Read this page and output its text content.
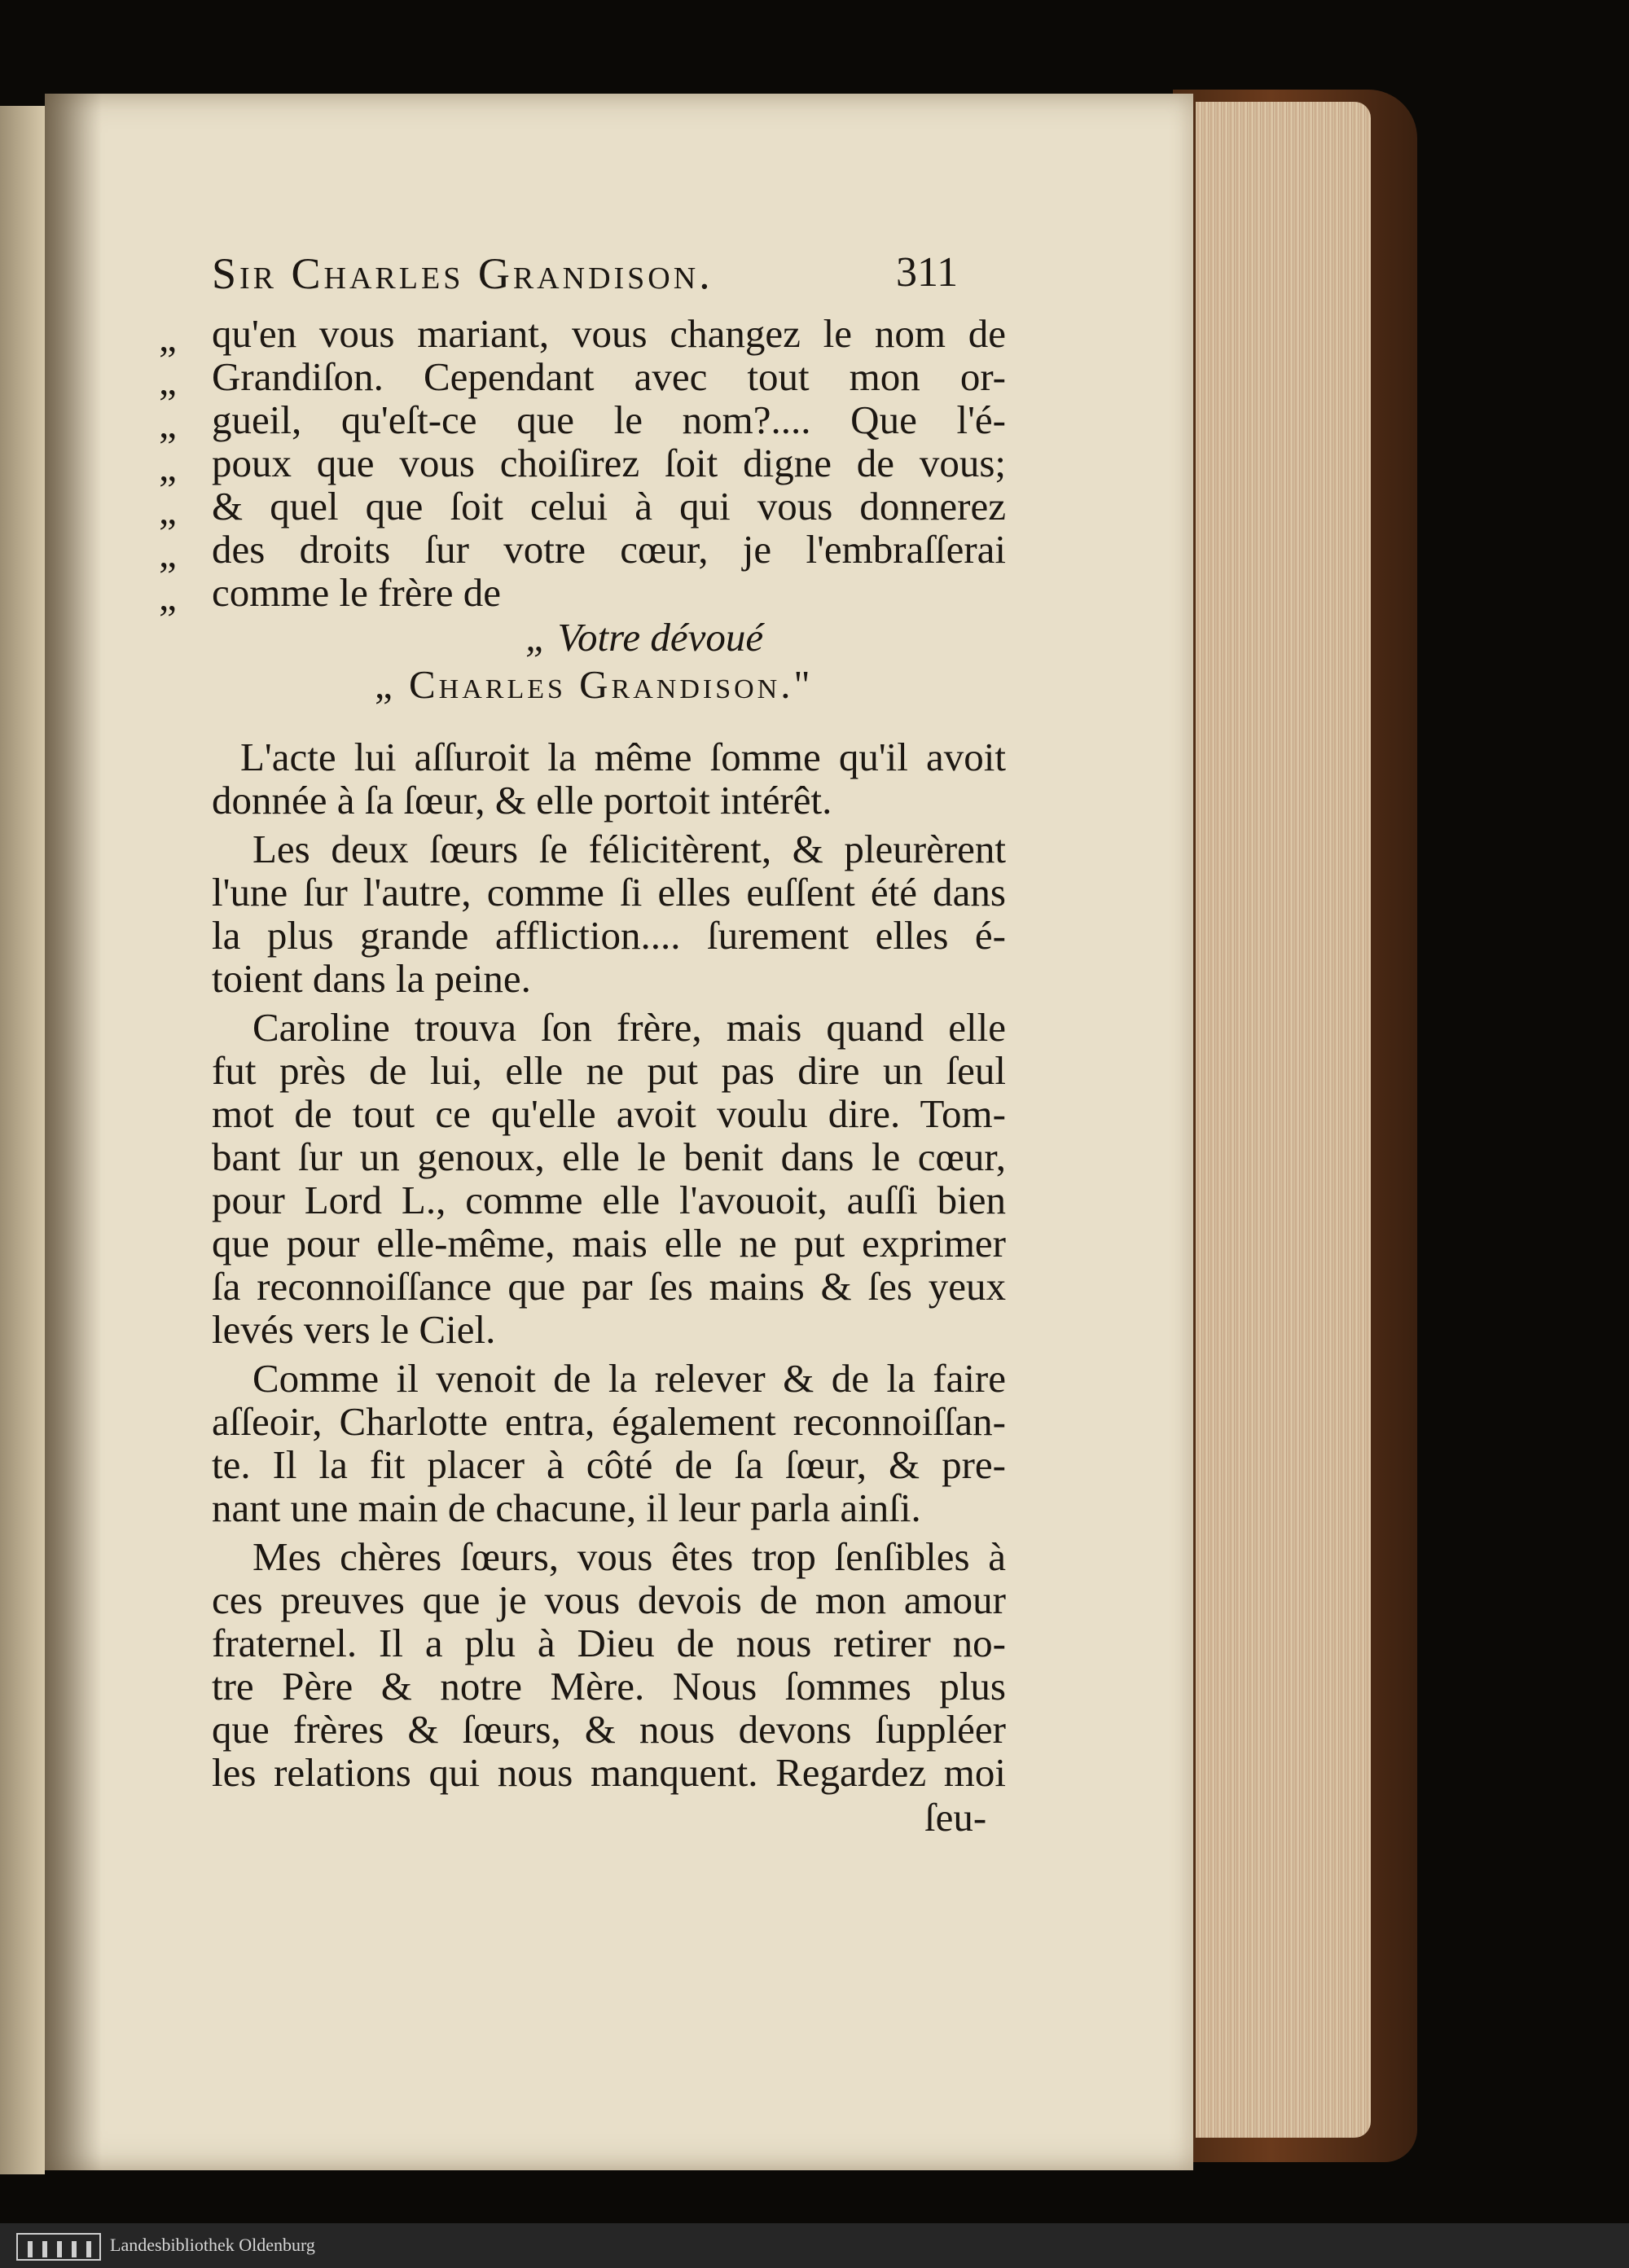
Sir Charles Grandison.	311
„ qu'en vous mariant, vous changez le nom de
„ Grandiſon. Cependant avec tout mon or-
„ gueil, qu'eſt-ce que le nom?.... Que l'é-
„ poux que vous choiſirez ſoit digne de vous;
„ & quel que ſoit celui à qui vous donnerez
„ des droits ſur votre cœur, je l'embraſſerai
„ comme le frère de
„ Votre dévoué
„ Charles Grandison."
L'acte lui aſſuroit la même ſomme qu'il avoit
donnée à ſa ſœur, & elle portoit intérêt.
Les deux ſœurs ſe félicitèrent, & pleurèrent
l'une ſur l'autre, comme ſi elles euſſent été dans
la plus grande affliction.... ſurement elles é-
toient dans la peine.
Caroline trouva ſon frère, mais quand elle
fut près de lui, elle ne put pas dire un ſeul
mot de tout ce qu'elle avoit voulu dire. Tom-
bant ſur un genoux, elle le benit dans le cœur,
pour Lord L., comme elle l'avouoit, auſſi bien
que pour elle-même, mais elle ne put exprimer
ſa reconnoiſſance que par ſes mains & ſes yeux
levés vers le Ciel.
Comme il venoit de la relever & de la faire
aſſeoir, Charlotte entra, également reconnoiſſan-
te. Il la fit placer à côté de ſa ſœur, & pre-
nant une main de chacune, il leur parla ainſi.
Mes chères ſœurs, vous êtes trop ſenſibles à
ces preuves que je vous devois de mon amour
fraternel. Il a plu à Dieu de nous retirer no-
tre Père & notre Mère. Nous ſommes plus
que frères & ſœurs, & nous devons ſuppléer
les relations qui nous manquent. Regardez moi
ſeu-
Landesbibliothek Oldenburg
